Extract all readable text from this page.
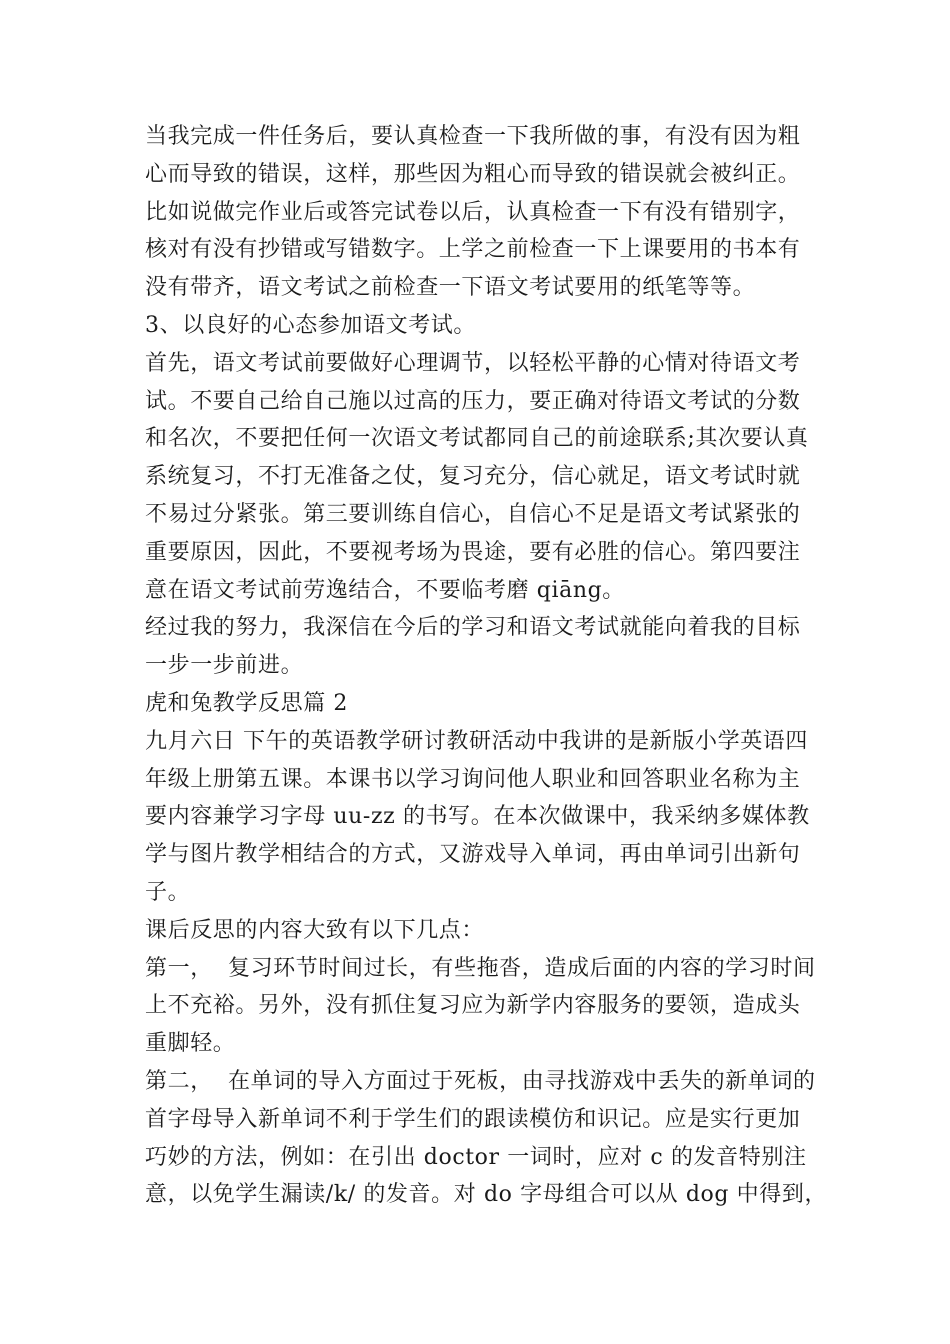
当我完成一件任务后，要认真检查一下我所做的事，有没有因为粗
心而导致的错误，这样，那些因为粗心而导致的错误就会被纠正。
比如说做完作业后或答完试卷以后，认真检查一下有没有错别字，
核对有没有抄错或写错数字。上学之前检查一下上课要用的书本有
没有带齐，语文考试之前检查一下语文考试要用的纸笔等等。
3、以良好的心态参加语文考试。
首先，语文考试前要做好心理调节，以轻松平静的心情对待语文考
试。不要自己给自己施以过高的压力，要正确对待语文考试的分数
和名次，不要把任何一次语文考试都同自己的前途联系;其次要认真
系统复习，不打无准备之仗，复习充分，信心就足，语文考试时就
不易过分紧张。第三要训练自信心，自信心不足是语文考试紧张的
重要原因，因此，不要视考场为畏途，要有必胜的信心。第四要注
意在语文考试前劳逸结合，不要临考磨 qiāng。
经过我的努力，我深信在今后的学习和语文考试就能向着我的目标
一步一步前进。
虎和兔教学反思篇 2
九月六日 下午的英语教学研讨教研活动中我讲的是新版小学英语四
年级上册第五课。本课书以学习询问他人职业和回答职业名称为主
要内容兼学习字母 uu-zz 的书写。在本次做课中，我采纳多媒体教
学与图片教学相结合的方式，又游戏导入单词，再由单词引出新句
子。
课后反思的内容大致有以下几点：
第一，  复习环节时间过长，有些拖沓，造成后面的内容的学习时间
上不充裕。另外，没有抓住复习应为新学内容服务的要领，造成头
重脚轻。
第二，  在单词的导入方面过于死板，由寻找游戏中丢失的新单词的
首字母导入新单词不利于学生们的跟读模仿和识记。应是实行更加
巧妙的方法，例如：在引出 doctor 一词时，应对 c 的发音特别注
意，以免学生漏读/k/ 的发音。对 do 字母组合可以从 dog 中得到，
